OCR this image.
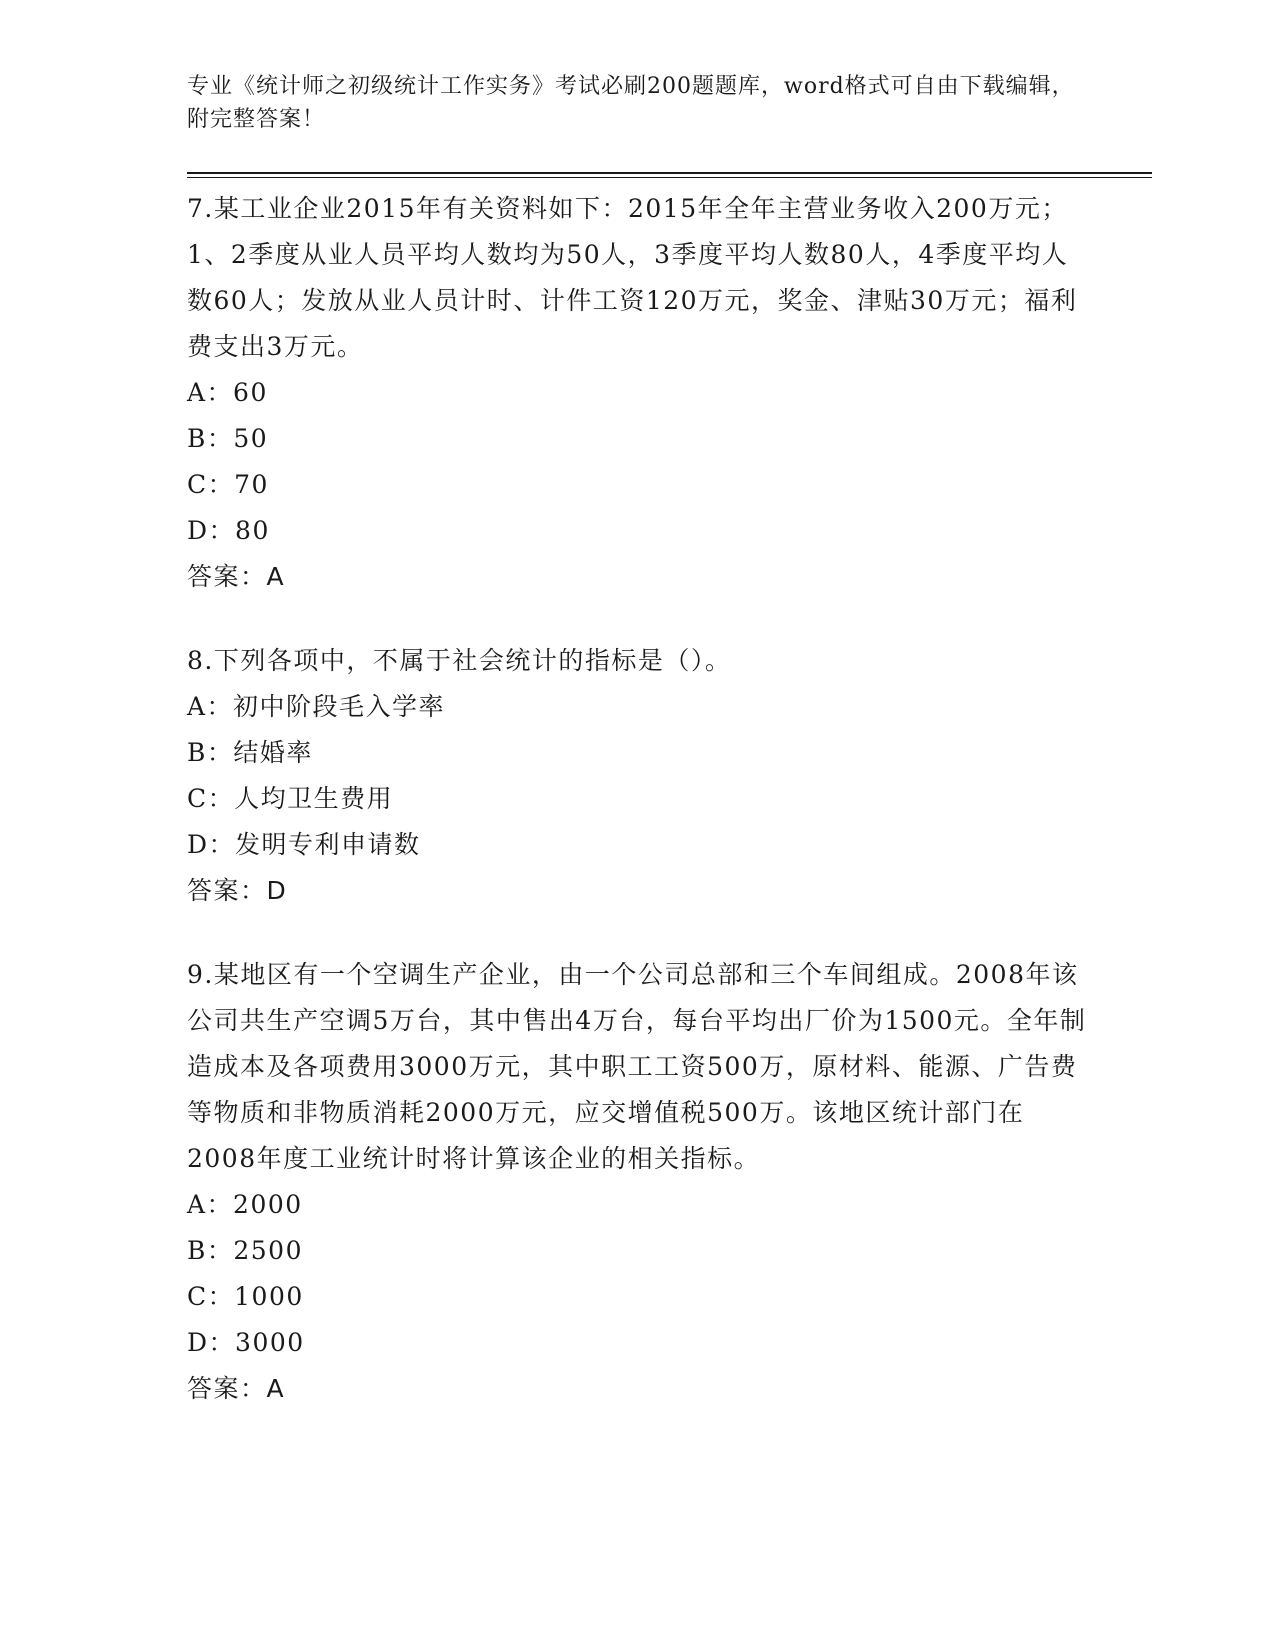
专业《统计师之初级统计工作实务》考试必刷200题题库，word格式可自由下载编辑，附完整答案！
7.某工业企业2015年有关资料如下：2015年全年主营业务收入200万元；1、2季度从业人员平均人数均为50人，3季度平均人数80人，4季度平均人数60人；发放从业人员计时、计件工资120万元，奖金、津贴30万元；福利费支出3万元。
A：60
B：50
C：70
D：80
答案：A
8.下列各项中，不属于社会统计的指标是（）。
A：初中阶段毛入学率
B：结婚率
C：人均卫生费用
D：发明专利申请数
答案：D
9.某地区有一个空调生产企业，由一个公司总部和三个车间组成。2008年该公司共生产空调5万台，其中售出4万台，每台平均出厂价为1500元。全年制造成本及各项费用3000万元，其中职工工资500万，原材料、能源、广告费等物质和非物质消耗2000万元，应交增值税500万。该地区统计部门在2008年度工业统计时将计算该企业的相关指标。
A：2000
B：2500
C：1000
D：3000
答案：A
